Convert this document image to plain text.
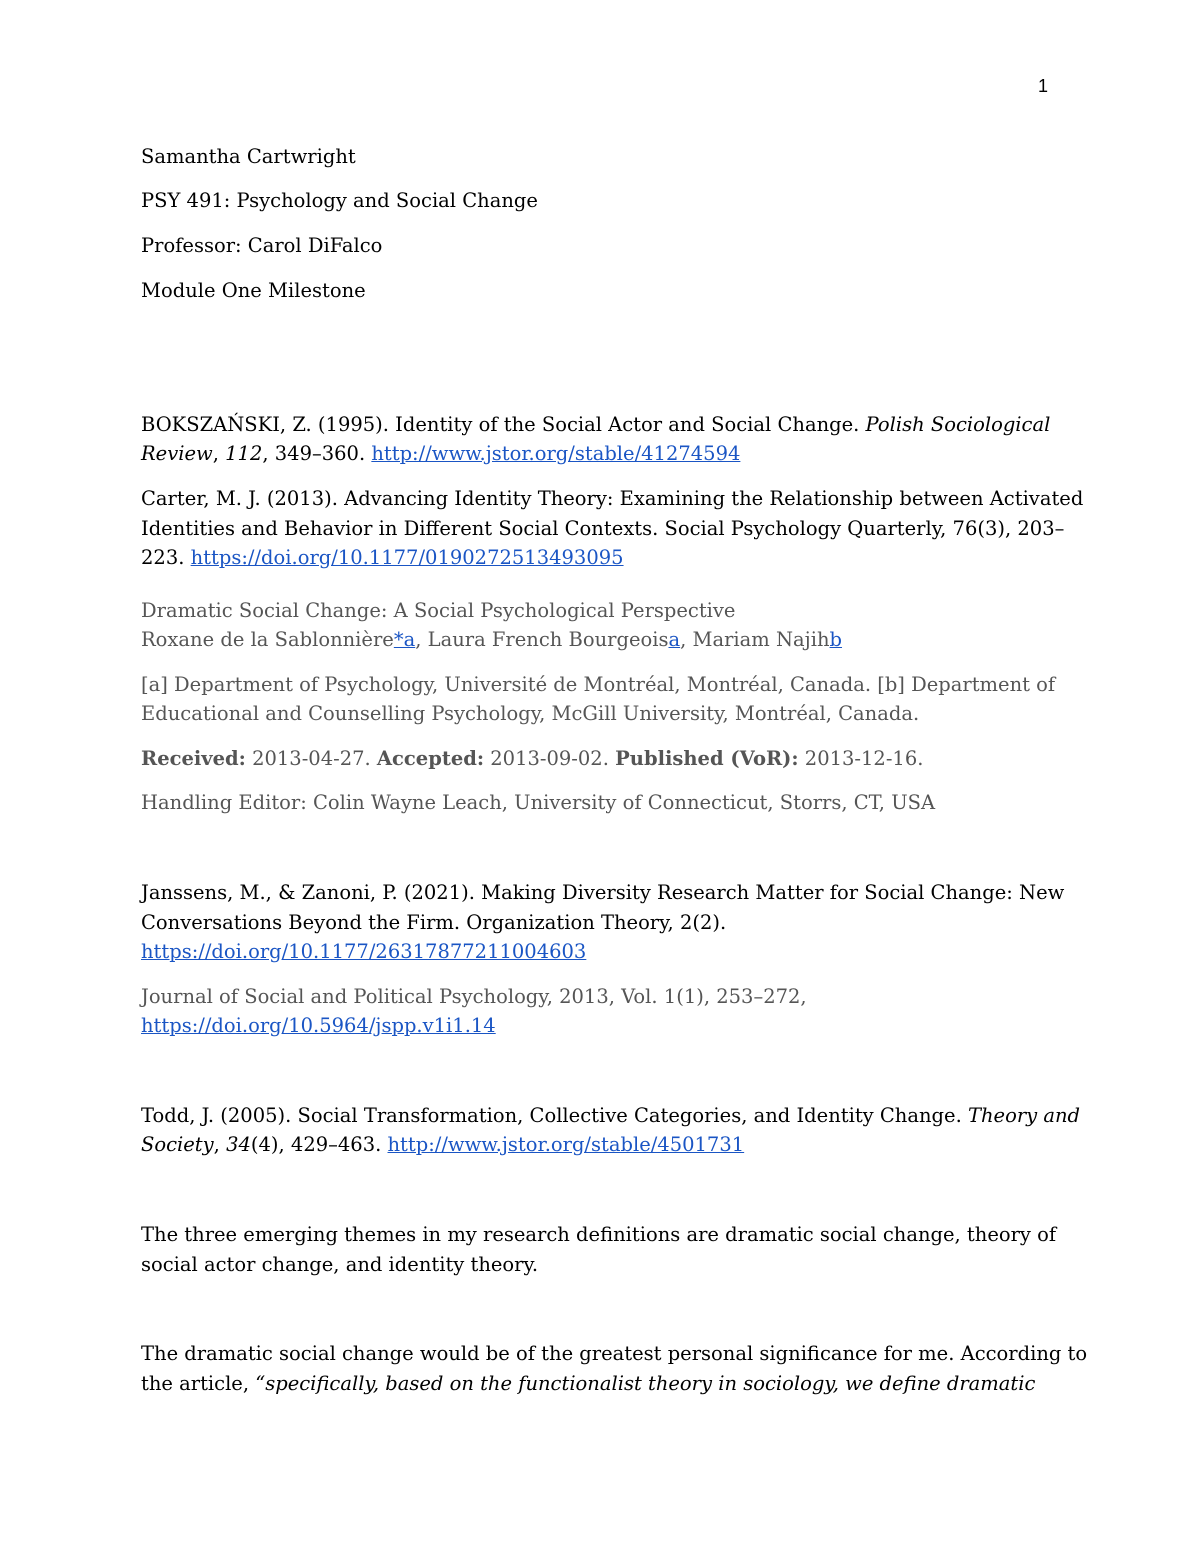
1
Samantha Cartwright
PSY 491: Psychology and Social Change
Professor: Carol DiFalco
Module One Milestone
BOKSZAŃSKI, Z. (1995). Identity of the Social Actor and Social Change. Polish Sociological
Review, 112, 349–360. http://www.jstor.org/stable/41274594
Carter, M. J. (2013). Advancing Identity Theory: Examining the Relationship between Activated
Identities and Behavior in Different Social Contexts. Social Psychology Quarterly, 76(3), 203–
223. https://doi.org/10.1177/0190272513493095
Dramatic Social Change: A Social Psychological Perspective
Roxane de la Sablonnière*a, Laura French Bourgeoisa, Mariam Najihb
[a] Department of Psychology, Université de Montréal, Montréal, Canada. [b] Department of
Educational and Counselling Psychology, McGill University, Montréal, Canada.
Received: 2013-04-27. Accepted: 2013-09-02. Published (VoR): 2013-12-16.
Handling Editor: Colin Wayne Leach, University of Connecticut, Storrs, CT, USA
Janssens, M., & Zanoni, P. (2021). Making Diversity Research Matter for Social Change: New
Conversations Beyond the Firm. Organization Theory, 2(2).
https://doi.org/10.1177/26317877211004603
Journal of Social and Political Psychology, 2013, Vol. 1(1), 253–272,
https://doi.org/10.5964/jspp.v1i1.14
Todd, J. (2005). Social Transformation, Collective Categories, and Identity Change. Theory and
Society, 34(4), 429–463. http://www.jstor.org/stable/4501731
The three emerging themes in my research definitions are dramatic social change, theory of
social actor change, and identity theory.
The dramatic social change would be of the greatest personal significance for me. According to
the article, “specifically, based on the functionalist theory in sociology, we define dramatic
